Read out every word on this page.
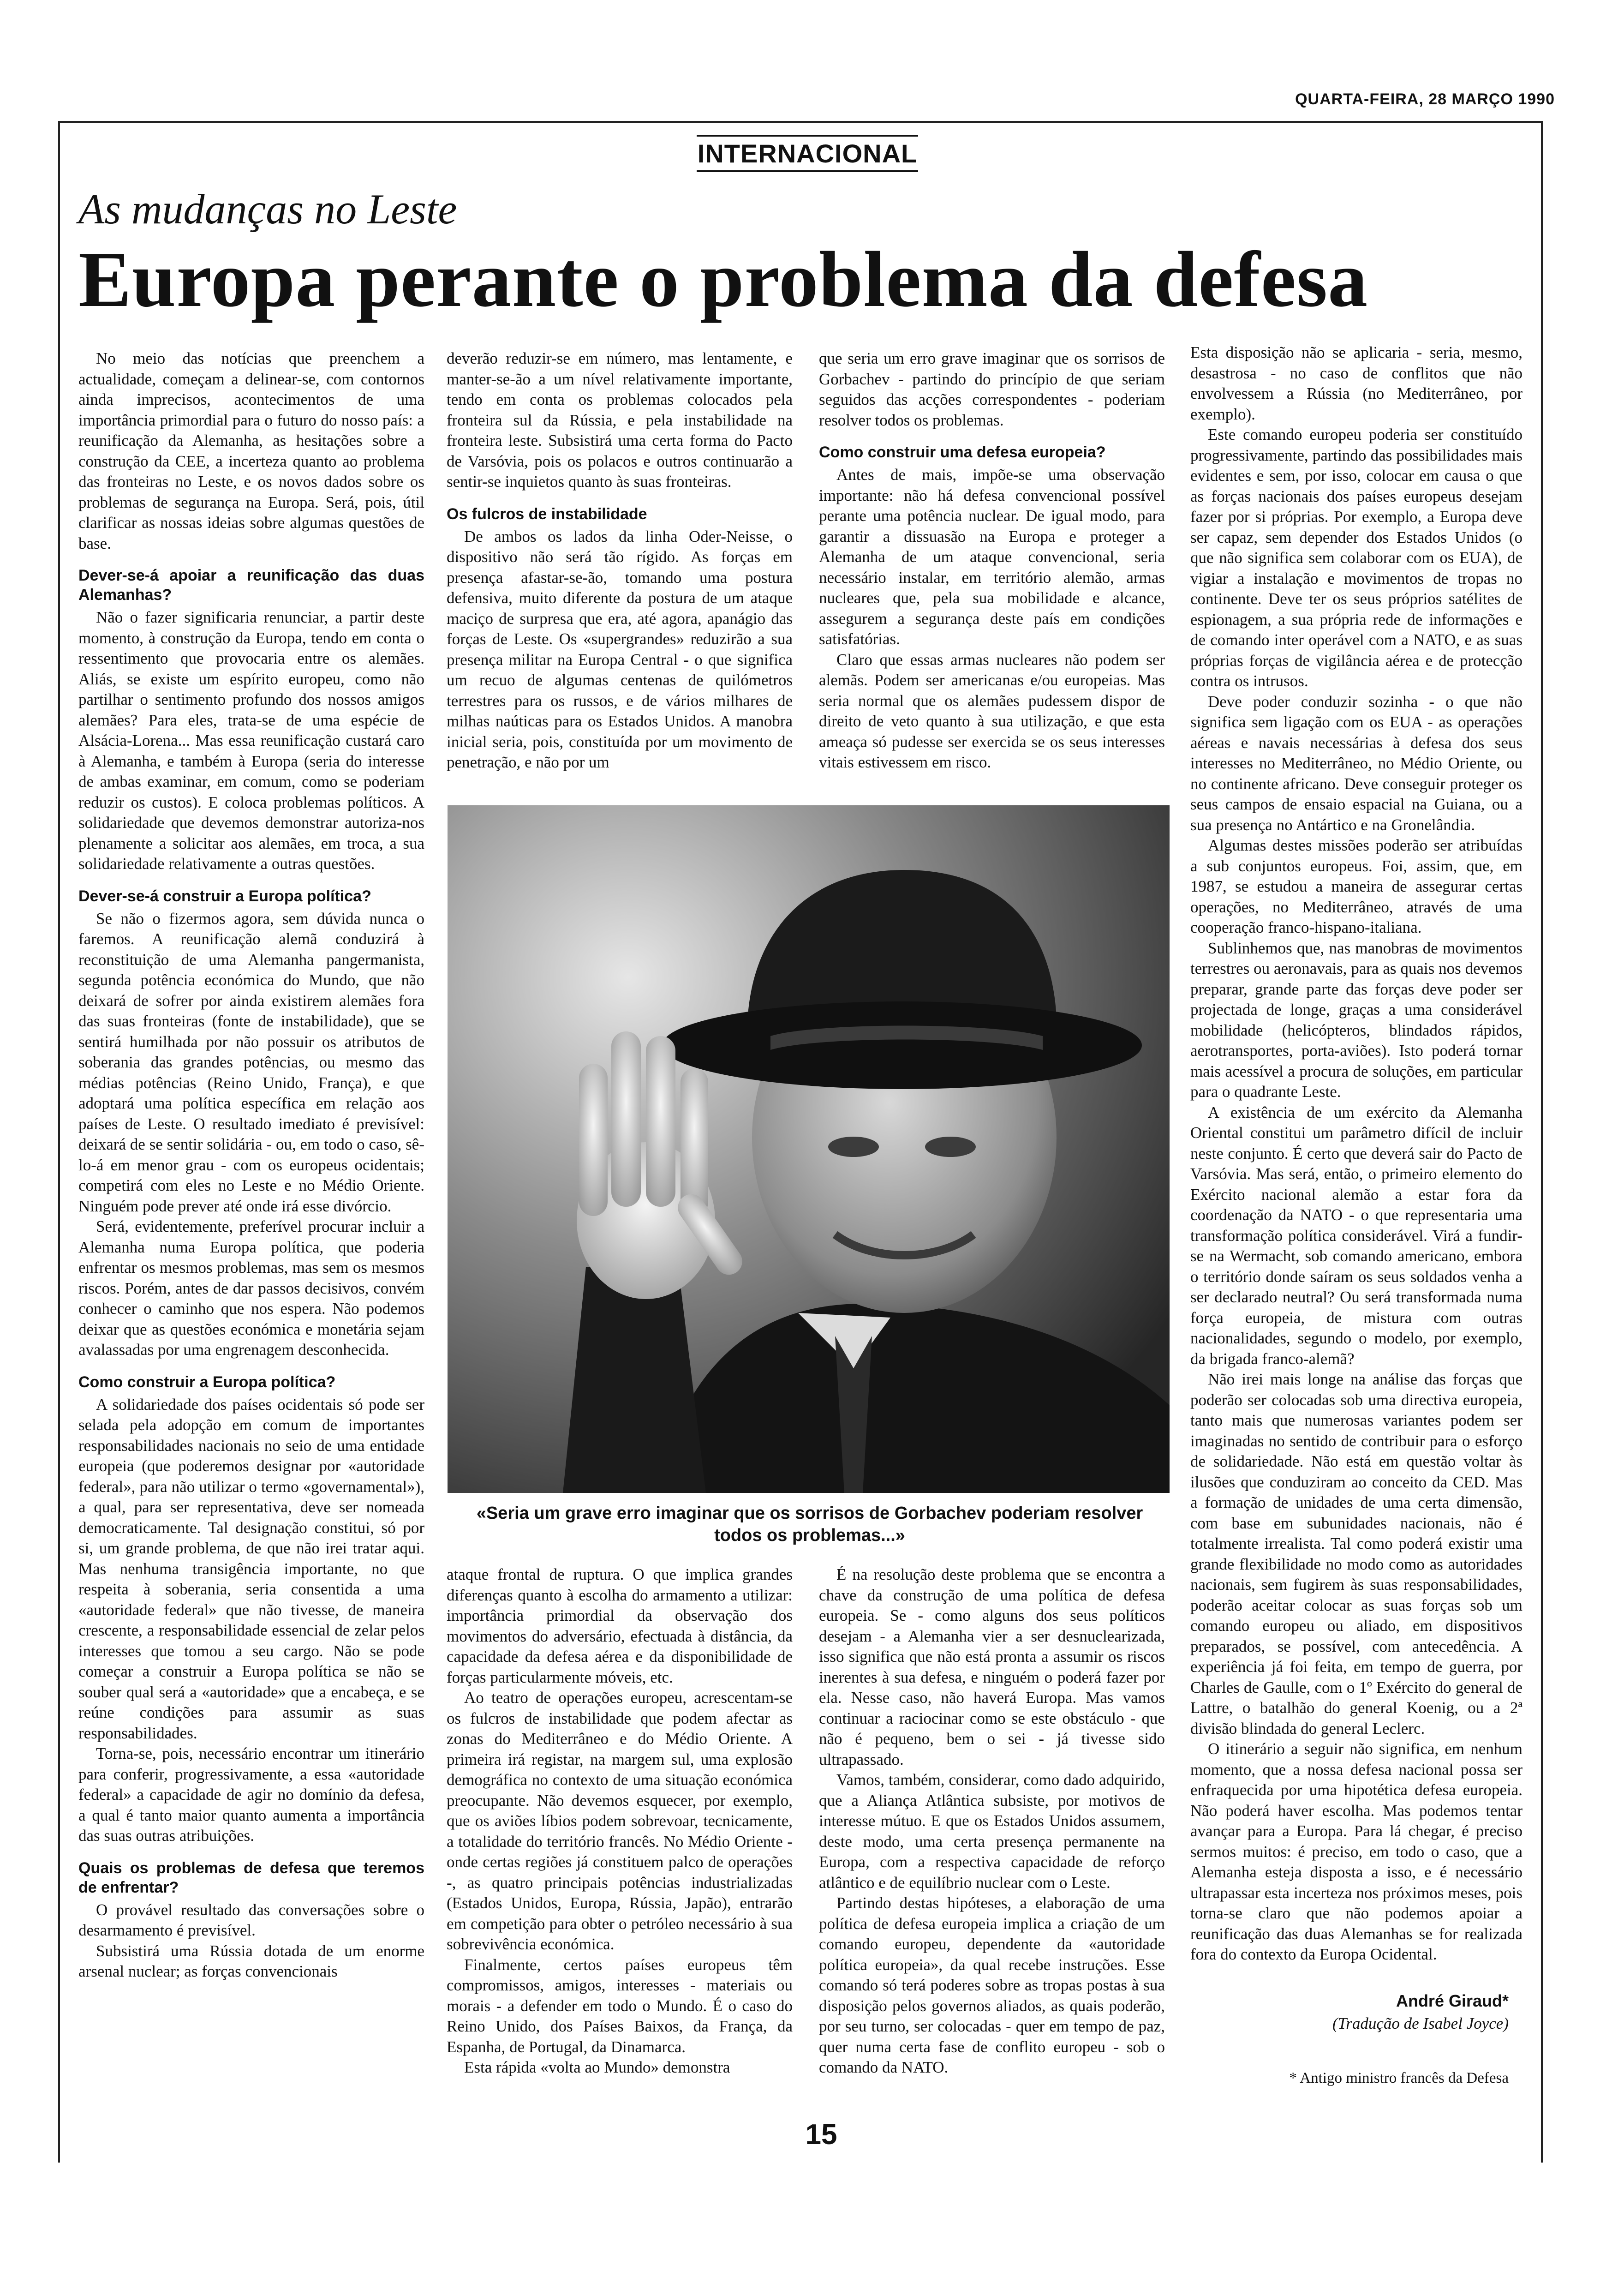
QUARTA-FEIRA, 28 MARÇO 1990
INTERNACIONAL
As mudanças no Leste
Europa perante o problema da defesa

No meio das notícias que preenchem a actualidade, começam a delinear-se, com contornos ainda imprecisos, acontecimentos de uma importância primordial para o futuro do nosso país: a reunificação da Alemanha, as hesitações sobre a construção da CEE, a incerteza quanto ao problema das fronteiras no Leste, e os novos dados sobre os problemas de segurança na Europa. Será, pois, útil clarificar as nossas ideias sobre algumas questões de base.

Dever-se-á apoiar a reunificação das duas Alemanhas?

Não o fazer significaria renunciar, a partir deste momento, à construção da Europa, tendo em conta o ressentimento que provocaria entre os alemães. Aliás, se existe um espírito europeu, como não partilhar o sentimento profundo dos nossos amigos alemães? Para eles, trata-se de uma espécie de Alsácia-Lorena... Mas essa reunificação custará caro à Alemanha, e também à Europa (seria do interesse de ambas examinar, em comum, como se poderiam reduzir os custos). E coloca problemas políticos. A solidariedade que devemos demonstrar autoriza-nos plenamente a solicitar aos alemães, em troca, a sua solidariedade relativamente a outras questões.

Dever-se-á construir a Europa política?

Se não o fizermos agora, sem dúvida nunca o faremos. A reunificação alemã conduzirá à reconstituição de uma Alemanha pangermanista, segunda potência económica do Mundo, que não deixará de sofrer por ainda existirem alemães fora das suas fronteiras (fonte de instabilidade), que se sentirá humilhada por não possuir os atributos de soberania das grandes potências, ou mesmo das médias potências (Reino Unido, França), e que adoptará uma política específica em relação aos países de Leste. O resultado imediato é previsível: deixará de se sentir solidária - ou, em todo o caso, sê-lo-á em menor grau - com os europeus ocidentais; competirá com eles no Leste e no Médio Oriente. Ninguém pode prever até onde irá esse divórcio.

Será, evidentemente, preferível procurar incluir a Alemanha numa Europa política, que poderia enfrentar os mesmos problemas, mas sem os mesmos riscos. Porém, antes de dar passos decisivos, convém conhecer o caminho que nos espera. Não podemos deixar que as questões económica e monetária sejam avalassadas por uma engrenagem desconhecida.

Como construir a Europa política?

A solidariedade dos países ocidentais só pode ser selada pela adopção em comum de importantes responsabilidades nacionais no seio de uma entidade europeia (que poderemos designar por «autoridade federal», para não utilizar o termo «governamental»), a qual, para ser representativa, deve ser nomeada democraticamente. Tal designação constitui, só por si, um grande problema, de que não irei tratar aqui. Mas nenhuma transigência importante, no que respeita à soberania, seria consentida a uma «autoridade federal» que não tivesse, de maneira crescente, a responsabilidade essencial de zelar pelos interesses que tomou a seu cargo. Não se pode começar a construir a Europa política se não se souber qual será a «autoridade» que a encabeça, e se reúne condições para assumir as suas responsabilidades.

Torna-se, pois, necessário encontrar um itinerário para conferir, progressivamente, a essa «autoridade federal» a capacidade de agir no domínio da defesa, a qual é tanto maior quanto aumenta a importância das suas outras atribuições.

Quais os problemas de defesa que teremos de enfrentar?

O provável resultado das conversações sobre o desarmamento é previsível.

Subsistirá uma Rússia dotada de um enorme arsenal nuclear; as forças convencionais

deverão reduzir-se em número, mas lentamente, e manter-se-ão a um nível relativamente importante, tendo em conta os problemas colocados pela fronteira sul da Rússia, e pela instabilidade na fronteira leste. Subsistirá uma certa forma do Pacto de Varsóvia, pois os polacos e outros continuarão a sentir-se inquietos quanto às suas fronteiras.

Os fulcros de instabilidade

De ambos os lados da linha Oder-Neisse, o dispositivo não será tão rígido. As forças em presença afastar-se-ão, tomando uma postura defensiva, muito diferente da postura de um ataque maciço de surpresa que era, até agora, apanágio das forças de Leste. Os «supergrandes» reduzirão a sua presença militar na Europa Central - o que significa um recuo de algumas centenas de quilómetros terrestres para os russos, e de vários milhares de milhas naúticas para os Estados Unidos. A manobra inicial seria, pois, constituída por um movimento de penetração, e não por um

que seria um erro grave imaginar que os sorrisos de Gorbachev - partindo do princípio de que seriam seguidos das acções correspondentes - poderiam resolver todos os problemas.

Como construir uma defesa europeia?

Antes de mais, impõe-se uma observação importante: não há defesa convencional possível perante uma potência nuclear. De igual modo, para garantir a dissuasão na Europa e proteger a Alemanha de um ataque convencional, seria necessário instalar, em território alemão, armas nucleares que, pela sua mobilidade e alcance, assegurem a segurança deste país em condições satisfatórias.

Claro que essas armas nucleares não podem ser alemãs. Podem ser americanas e/ou europeias. Mas seria normal que os alemães pudessem dispor de direito de veto quanto à sua utilização, e que esta ameaça só pudesse ser exercida se os seus interesses vitais estivessem em risco.

Esta disposição não se aplicaria - seria, mesmo, desastrosa - no caso de conflitos que não envolvessem a Rússia (no Mediterrâneo, por exemplo).

Este comando europeu poderia ser constituído progressivamente, partindo das possibilidades mais evidentes e sem, por isso, colocar em causa o que as forças nacionais dos países europeus desejam fazer por si próprias. Por exemplo, a Europa deve ser capaz, sem depender dos Estados Unidos (o que não significa sem colaborar com os EUA), de vigiar a instalação e movimentos de tropas no continente. Deve ter os seus próprios satélites de espionagem, a sua própria rede de informações e de comando inter operável com a NATO, e as suas próprias forças de vigilância aérea e de protecção contra os intrusos.

Deve poder conduzir sozinha - o que não significa sem ligação com os EUA - as operações aéreas e navais necessárias à defesa dos seus interesses no Mediterrâneo, no Médio Oriente, ou no continente africano. Deve conseguir proteger os seus campos de ensaio espacial na Guiana, ou a sua presença no Antártico e na Gronelândia.

Algumas destes missões poderão ser atribuídas a sub conjuntos europeus. Foi, assim, que, em 1987, se estudou a maneira de assegurar certas operações, no Mediterrâneo, através de uma cooperação franco-hispano-italiana.

Sublinhemos que, nas manobras de movimentos terrestres ou aeronavais, para as quais nos devemos preparar, grande parte das forças deve poder ser projectada de longe, graças a uma considerável mobilidade (helicópteros, blindados rápidos, aerotransportes, porta-aviões). Isto poderá tornar mais acessível a procura de soluções, em particular para o quadrante Leste.

A existência de um exército da Alemanha Oriental constitui um parâmetro difícil de incluir neste conjunto. É certo que deverá sair do Pacto de Varsóvia. Mas será, então, o primeiro elemento do Exército nacional alemão a estar fora da coordenação da NATO - o que representaria uma transformação política considerável. Virá a fundir-se na Wermacht, sob comando americano, embora o território donde saíram os seus soldados venha a ser declarado neutral? Ou será transformada numa força europeia, de mistura com outras nacionalidades, segundo o modelo, por exemplo, da brigada franco-alemã?

Não irei mais longe na análise das forças que poderão ser colocadas sob uma directiva europeia, tanto mais que numerosas variantes podem ser imaginadas no sentido de contribuir para o esforço de solidariedade. Não está em questão voltar às ilusões que conduziram ao conceito da CED. Mas a formação de unidades de uma certa dimensão, com base em subunidades nacionais, não é totalmente irrealista. Tal como poderá existir uma grande flexibilidade no modo como as autoridades nacionais, sem fugirem às suas responsabilidades, poderão aceitar colocar as suas forças sob um comando europeu ou aliado, em dispositivos preparados, se possível, com antecedência. A experiência já foi feita, em tempo de guerra, por Charles de Gaulle, com o 1º Exército do general de Lattre, o batalhão do general Koenig, ou a 2ª divisão blindada do general Leclerc.

O itinerário a seguir não significa, em nenhum momento, que a nossa defesa nacional possa ser enfraquecida por uma hipotética defesa europeia. Não poderá haver escolha. Mas podemos tentar avançar para a Europa. Para lá chegar, é preciso sermos muitos: é preciso, em todo o caso, que a Alemanha esteja disposta a isso, e é necessário ultrapassar esta incerteza nos próximos meses, pois torna-se claro que não podemos apoiar a reunificação das duas Alemanhas se for realizada fora do contexto da Europa Ocidental.

«Seria um grave erro imaginar que os sorrisos de Gorbachev poderiam resolver todos os problemas...»

ataque frontal de ruptura. O que implica grandes diferenças quanto à escolha do armamento a utilizar: importância primordial da observação dos movimentos do adversário, efectuada à distância, da capacidade da defesa aérea e da disponibilidade de forças particularmente móveis, etc.

Ao teatro de operações europeu, acrescentam-se os fulcros de instabilidade que podem afectar as zonas do Mediterrâneo e do Médio Oriente. A primeira irá registar, na margem sul, uma explosão demográfica no contexto de uma situação económica preocupante. Não devemos esquecer, por exemplo, que os aviões líbios podem sobrevoar, tecnicamente, a totalidade do território francês. No Médio Oriente - onde certas regiões já constituem palco de operações -, as quatro principais potências industrializadas (Estados Unidos, Europa, Rússia, Japão), entrarão em competição para obter o petróleo necessário à sua sobrevivência económica.

Finalmente, certos países europeus têm compromissos, amigos, interesses - materiais ou morais - a defender em todo o Mundo. É o caso do Reino Unido, dos Países Baixos, da França, da Espanha, de Portugal, da Dinamarca.

Esta rápida «volta ao Mundo» demonstra

É na resolução deste problema que se encontra a chave da construção de uma política de defesa europeia. Se - como alguns dos seus políticos desejam - a Alemanha vier a ser desnuclearizada, isso significa que não está pronta a assumir os riscos inerentes à sua defesa, e ninguém o poderá fazer por ela. Nesse caso, não haverá Europa. Mas vamos continuar a raciocinar como se este obstáculo - que não é pequeno, bem o sei - já tivesse sido ultrapassado.

Vamos, também, considerar, como dado adquirido, que a Aliança Atlântica subsiste, por motivos de interesse mútuo. E que os Estados Unidos assumem, deste modo, uma certa presença permanente na Europa, com a respectiva capacidade de reforço atlântico e de equilíbrio nuclear com o Leste.

Partindo destas hipóteses, a elaboração de uma política de defesa europeia implica a criação de um comando europeu, dependente da «autoridade política europeia», da qual recebe instruções. Esse comando só terá poderes sobre as tropas postas à sua disposição pelos governos aliados, as quais poderão, por seu turno, ser colocadas - quer em tempo de paz, quer numa certa fase de conflito europeu - sob o comando da NATO.

André Giraud*
(Tradução de Isabel Joyce)
* Antigo ministro francês da Defesa
15
